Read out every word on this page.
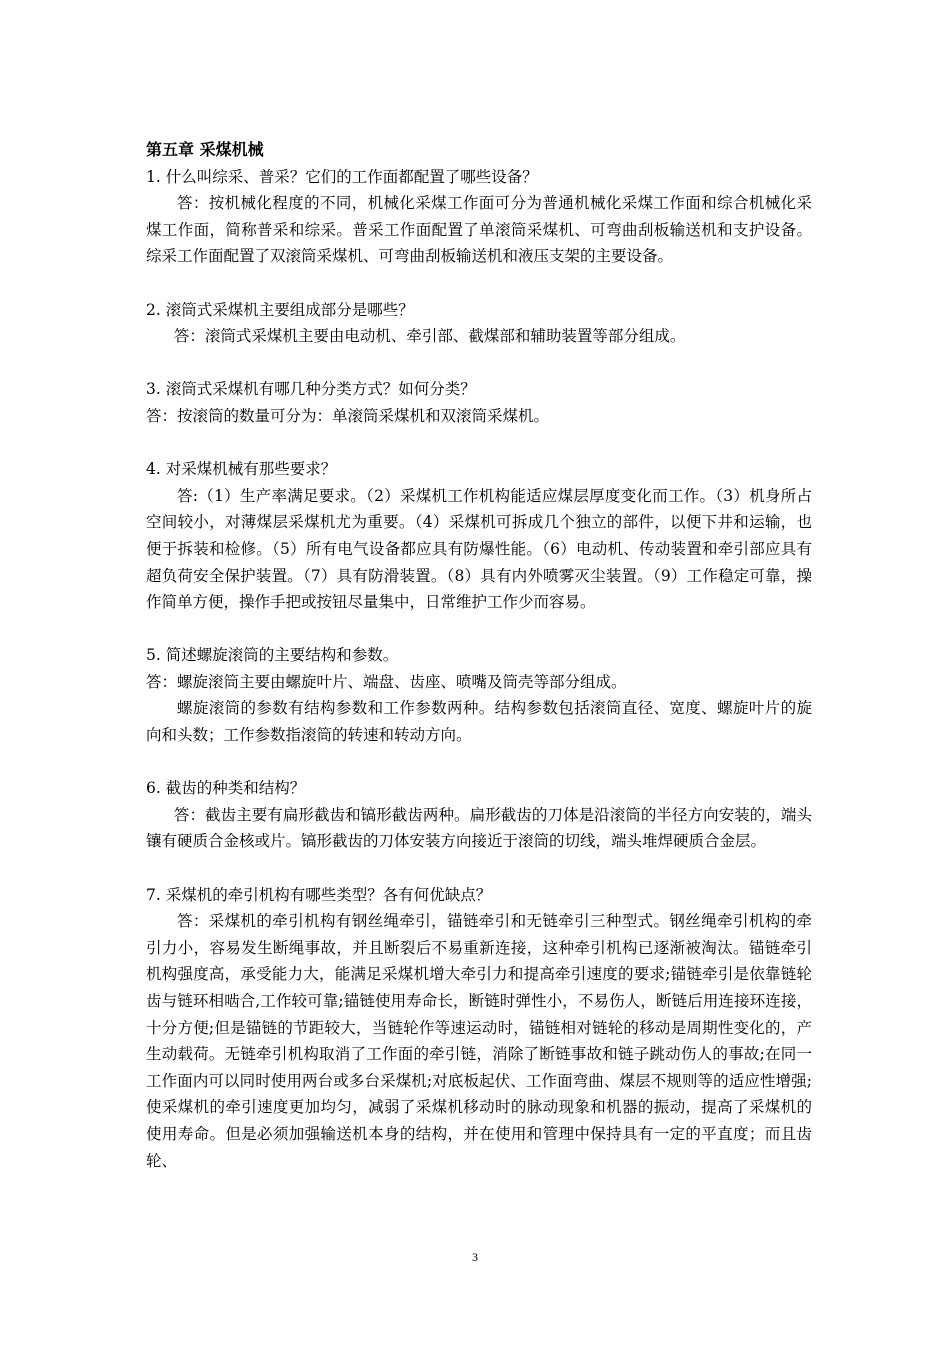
第五章 采煤机械

1. 什么叫综采、普采？它们的工作面都配置了哪些设备？

答：按机械化程度的不同，机械化采煤工作面可分为普通机械化采煤工作面和综合机械化采煤工作面，简称普采和综采。普采工作面配置了单滚筒采煤机、可弯曲刮板输送机和支护设备。综采工作面配置了双滚筒采煤机、可弯曲刮板输送机和液压支架的主要设备。

2. 滚筒式采煤机主要组成部分是哪些？

答：滚筒式采煤机主要由电动机、牵引部、截煤部和辅助装置等部分组成。

3. 滚筒式采煤机有哪几种分类方式？如何分类？

答：按滚筒的数量可分为：单滚筒采煤机和双滚筒采煤机。

4. 对采煤机械有那些要求？

答:（1）生产率满足要求。（2）采煤机工作机构能适应煤层厚度变化而工作。（3）机身所占空间较小，对薄煤层采煤机尤为重要。（4）采煤机可拆成几个独立的部件，以便下井和运输，也便于拆装和检修。（5）所有电气设备都应具有防爆性能。（6）电动机、传动装置和牵引部应具有超负荷安全保护装置。（7）具有防滑装置。（8）具有内外喷雾灭尘装置。（9）工作稳定可靠，操作简单方便，操作手把或按钮尽量集中，日常维护工作少而容易。

5. 简述螺旋滚筒的主要结构和参数。

答：螺旋滚筒主要由螺旋叶片、端盘、齿座、喷嘴及筒壳等部分组成。

螺旋滚筒的参数有结构参数和工作参数两种。结构参数包括滚筒直径、宽度、螺旋叶片的旋向和头数；工作参数指滚筒的转速和转动方向。

6. 截齿的种类和结构？

答：截齿主要有扁形截齿和镐形截齿两种。扁形截齿的刀体是沿滚筒的半径方向安装的，端头镶有硬质合金核或片。镐形截齿的刀体安装方向接近于滚筒的切线，端头堆焊硬质合金层。

7. 采煤机的牵引机构有哪些类型？各有何优缺点？

答：采煤机的牵引机构有钢丝绳牵引，锚链牵引和无链牵引三种型式。钢丝绳牵引机构的牵引力小，容易发生断绳事故，并且断裂后不易重新连接，这种牵引机构已逐渐被淘汰。锚链牵引机构强度高，承受能力大，能满足采煤机增大牵引力和提高牵引速度的要求;锚链牵引是依靠链轮齿与链环相啮合,工作较可靠;锚链使用寿命长，断链时弹性小，不易伤人，断链后用连接环连接，十分方便;但是锚链的节距较大，当链轮作等速运动时，锚链相对链轮的移动是周期性变化的，产生动载荷。无链牵引机构取消了工作面的牵引链，消除了断链事故和链子跳动伤人的事故;在同一工作面内可以同时使用两台或多台采煤机;对底板起伏、工作面弯曲、煤层不规则等的适应性增强;使采煤机的牵引速度更加均匀，减弱了采煤机移动时的脉动现象和机器的振动，提高了采煤机的使用寿命。但是必须加强输送机本身的结构，并在使用和管理中保持具有一定的平直度；而且齿轮、

3
